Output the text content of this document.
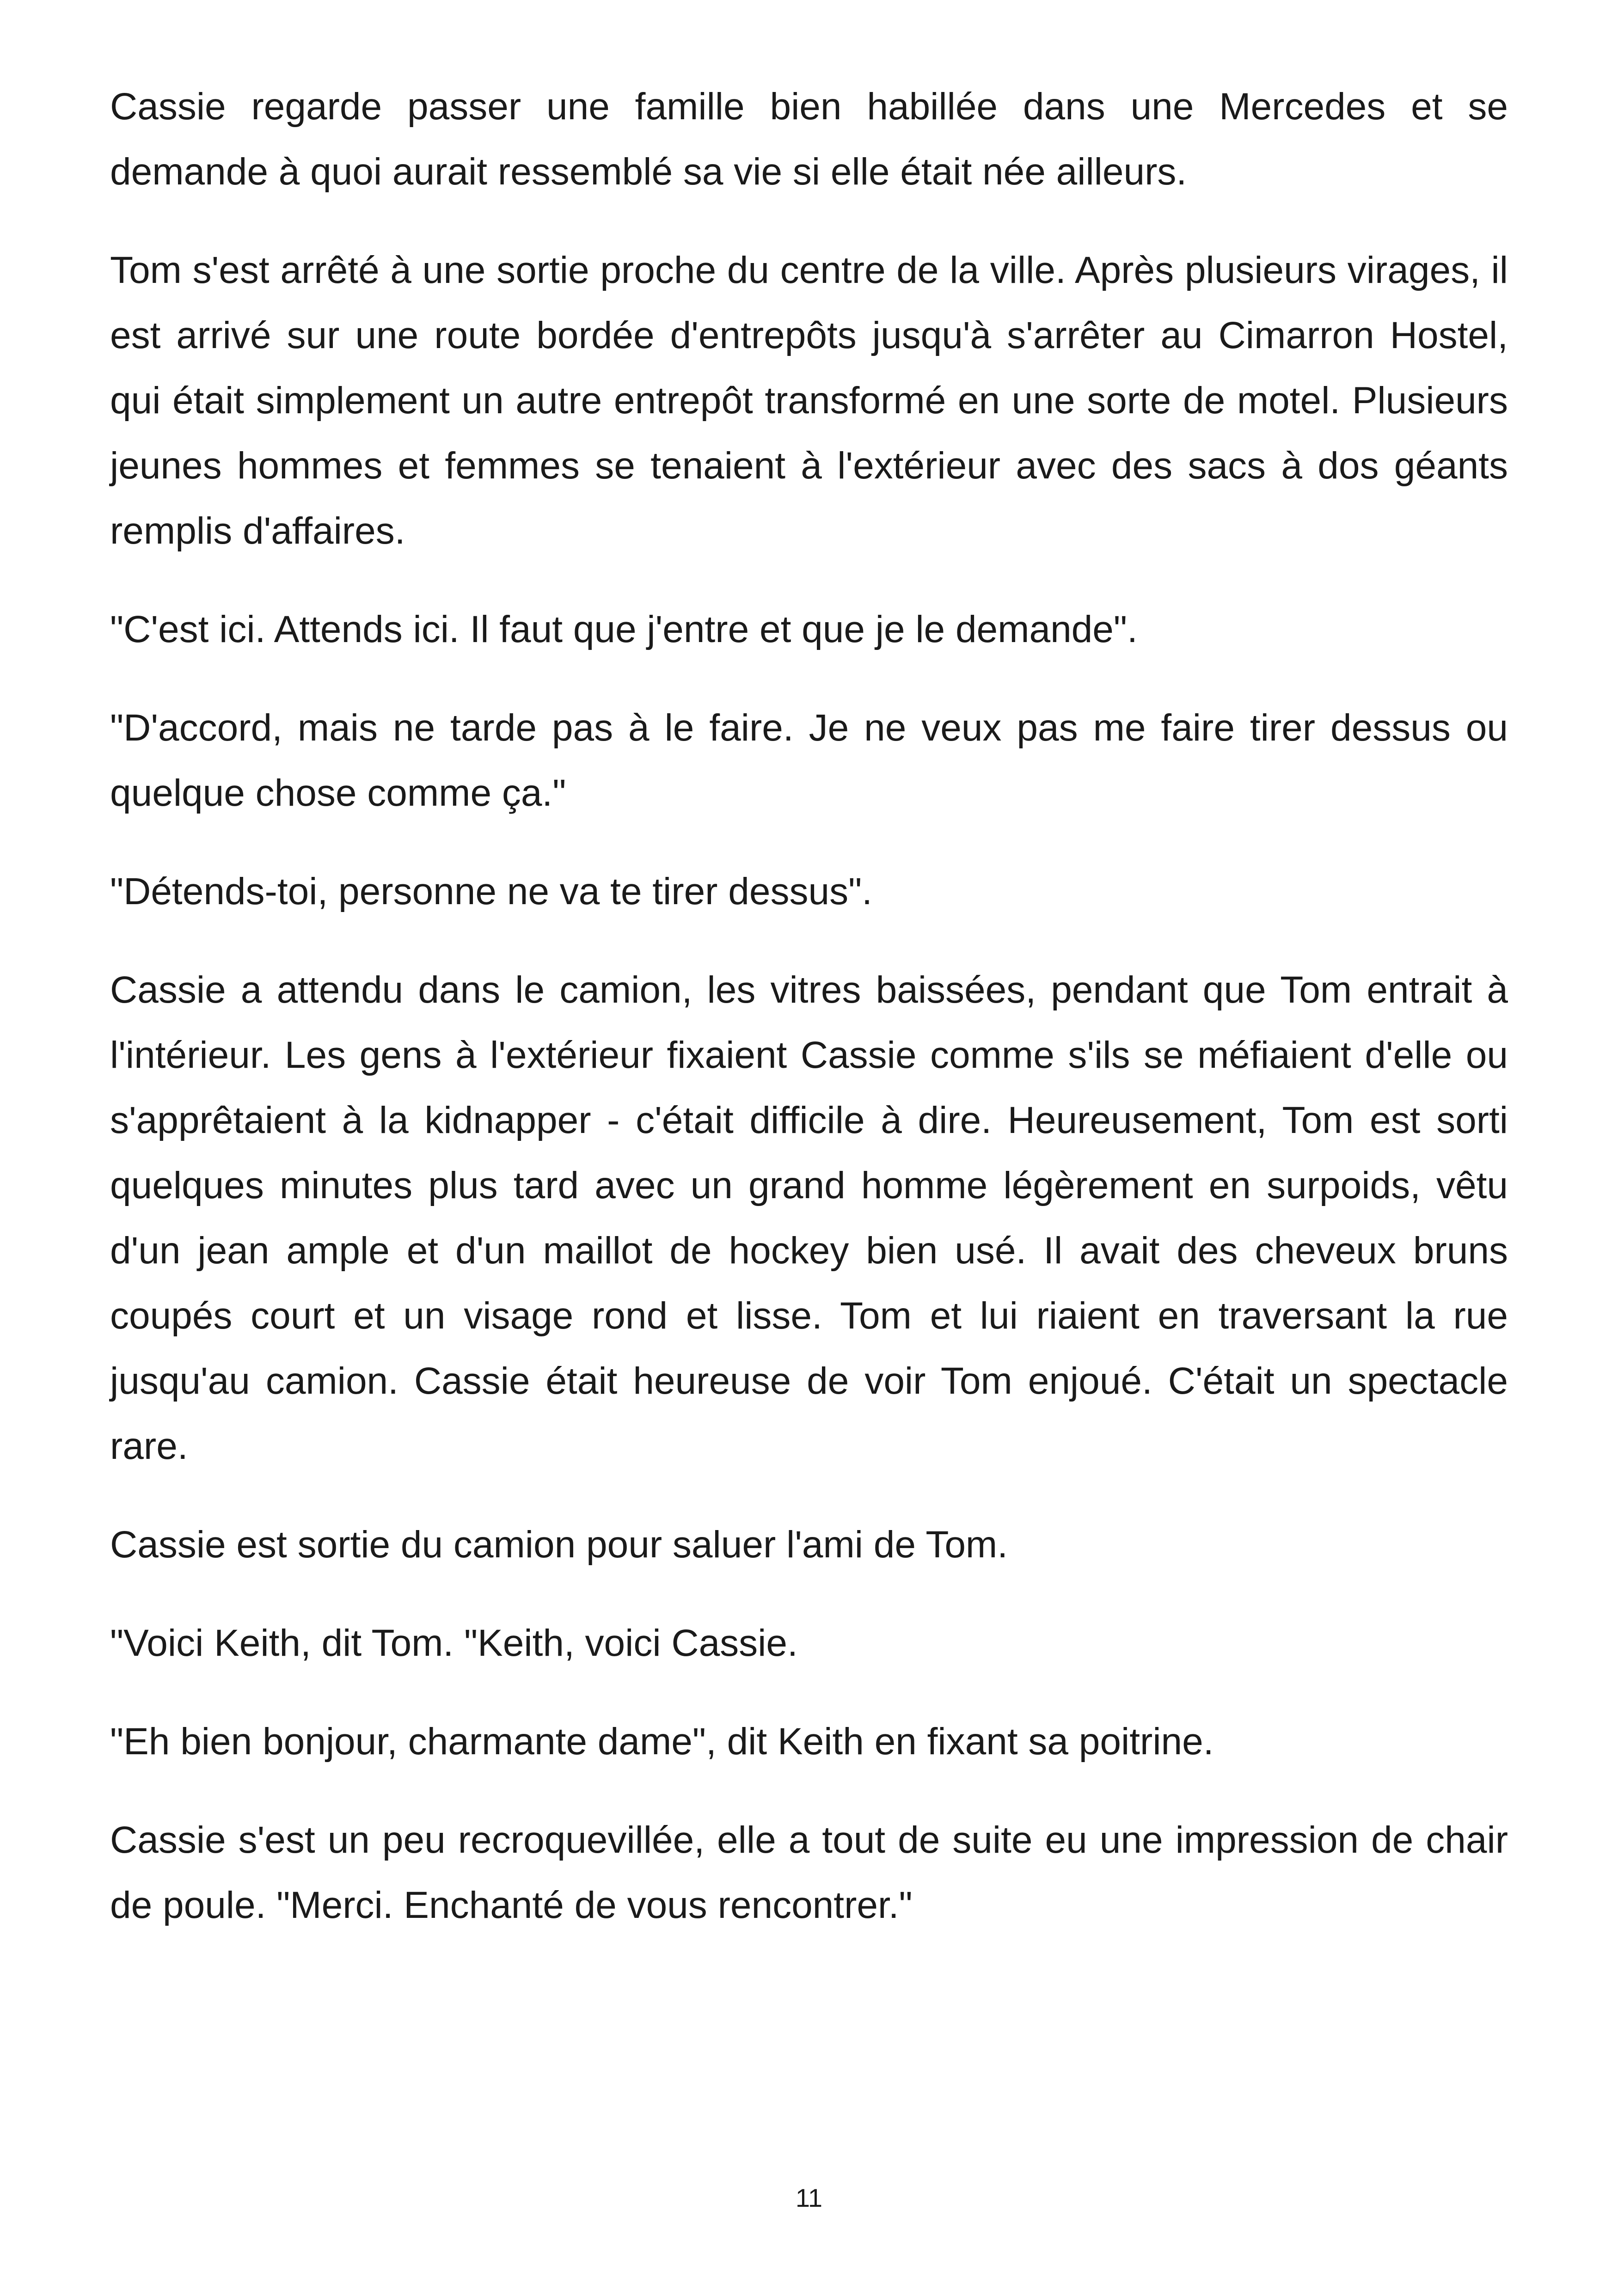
Cassie regarde passer une famille bien habillée dans une Mercedes et se demande à quoi aurait ressemblé sa vie si elle était née ailleurs.

Tom s'est arrêté à une sortie proche du centre de la ville. Après plusieurs virages, il est arrivé sur une route bordée d'entrepôts jusqu'à s'arrêter au Cimarron Hostel, qui était simplement un autre entrepôt transformé en une sorte de motel. Plusieurs jeunes hommes et femmes se tenaient à l'extérieur avec des sacs à dos géants remplis d'affaires.

"C'est ici. Attends ici. Il faut que j'entre et que je le demande".

"D'accord, mais ne tarde pas à le faire. Je ne veux pas me faire tirer dessus ou quelque chose comme ça."

"Détends-toi, personne ne va te tirer dessus".

Cassie a attendu dans le camion, les vitres baissées, pendant que Tom entrait à l'intérieur. Les gens à l'extérieur fixaient Cassie comme s'ils se méfiaient d'elle ou s'apprêtaient à la kidnapper - c'était difficile à dire. Heureusement, Tom est sorti quelques minutes plus tard avec un grand homme légèrement en surpoids, vêtu d'un jean ample et d'un maillot de hockey bien usé. Il avait des cheveux bruns coupés court et un visage rond et lisse. Tom et lui riaient en traversant la rue jusqu'au camion. Cassie était heureuse de voir Tom enjoué. C'était un spectacle rare.

Cassie est sortie du camion pour saluer l'ami de Tom.

"Voici Keith, dit Tom. "Keith, voici Cassie.

"Eh bien bonjour, charmante dame", dit Keith en fixant sa poitrine.

Cassie s'est un peu recroquevillée, elle a tout de suite eu une impression de chair de poule. "Merci. Enchanté de vous rencontrer."

11
